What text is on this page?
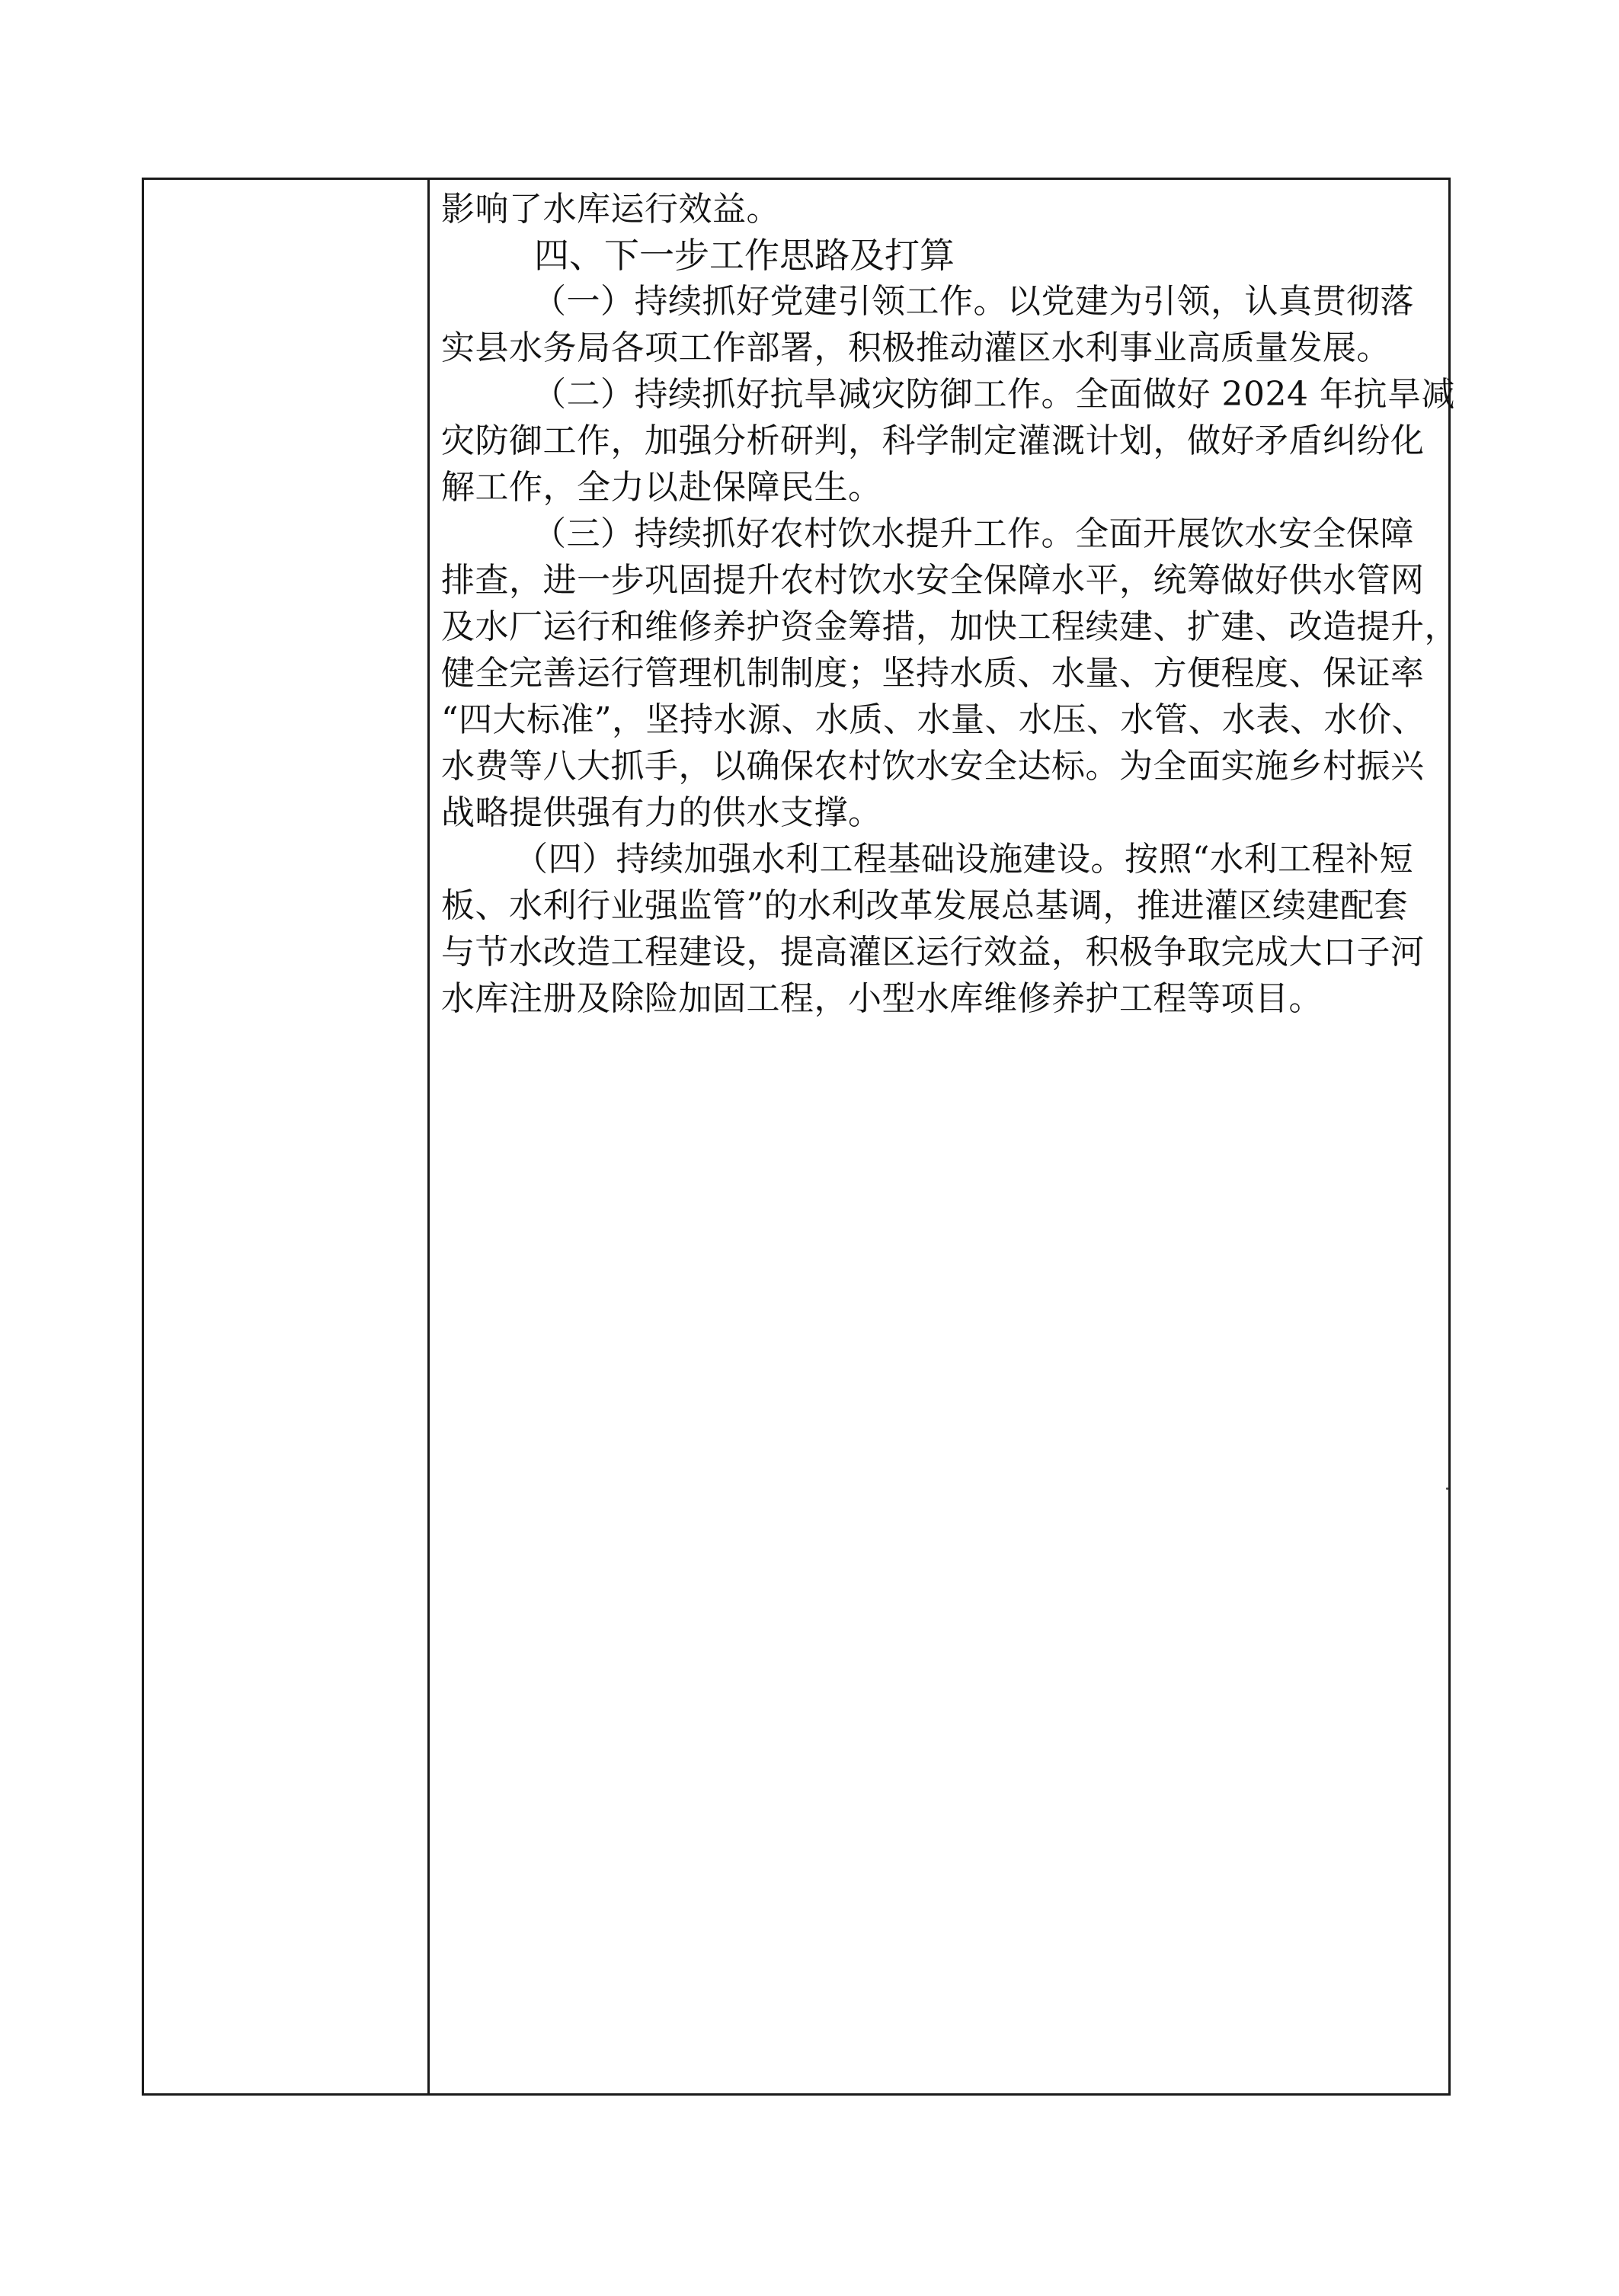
影响了水库运行效益。
四、下一步工作思路及打算
（一）持续抓好党建引领工作。以党建为引领，认真贯彻落
实县水务局各项工作部署，积极推动灌区水利事业高质量发展。
（二）持续抓好抗旱减灾防御工作。全面做好 2024 年抗旱减
灾防御工作，加强分析研判，科学制定灌溉计划，做好矛盾纠纷化
解工作，全力以赴保障民生。
（三）持续抓好农村饮水提升工作。全面开展饮水安全保障
排查，进一步巩固提升农村饮水安全保障水平，统筹做好供水管网
及水厂运行和维修养护资金筹措，加快工程续建、扩建、改造提升，
健全完善运行管理机制制度；坚持水质、水量、方便程度、保证率
“四大标准”，坚持水源、水质、水量、水压、水管、水表、水价、
水费等八大抓手，以确保农村饮水安全达标。为全面实施乡村振兴
战略提供强有力的供水支撑。
（四）持续加强水利工程基础设施建设。按照“水利工程补短
板、水利行业强监管”的水利改革发展总基调，推进灌区续建配套
与节水改造工程建设，提高灌区运行效益，积极争取完成大口子河
水库注册及除险加固工程，小型水库维修养护工程等项目。
